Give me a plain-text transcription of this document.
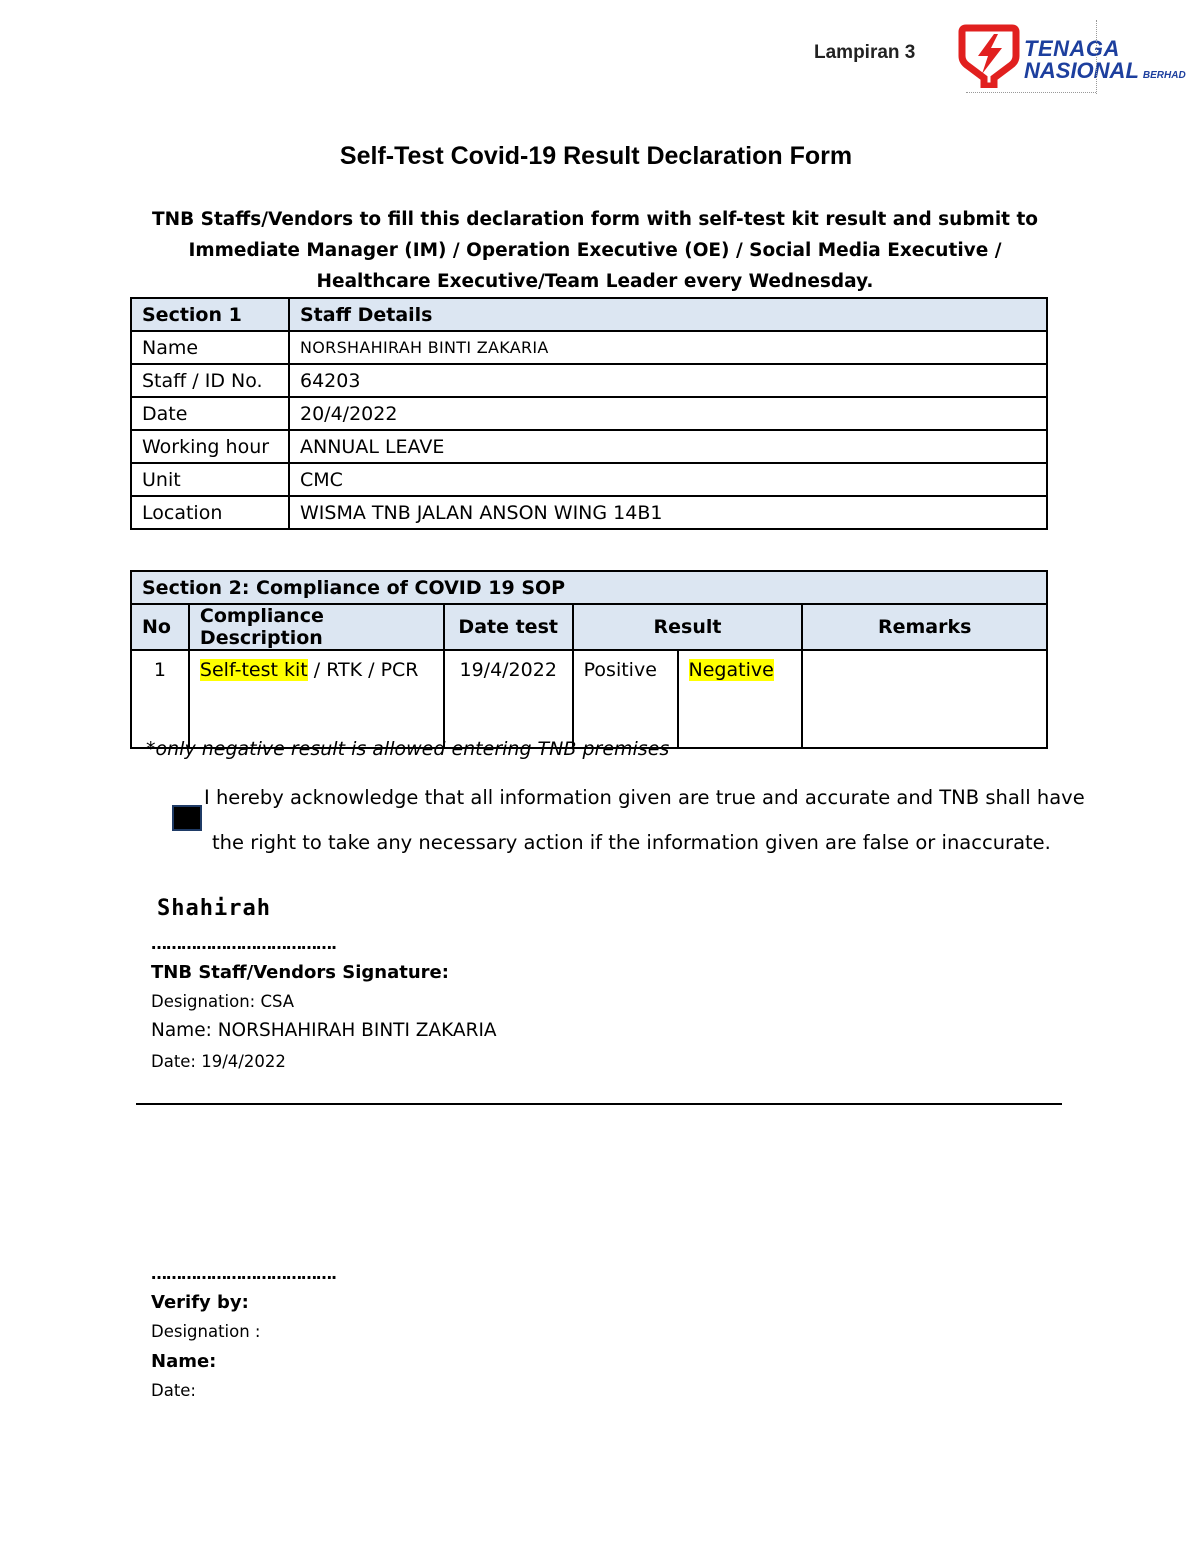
Lampiran 3	TENAGA
NASIONAL BERHAD
Self-Test Covid-19 Result Declaration Form
TNB Staffs/Vendors to fill this declaration form with self-test kit result and submit to Immediate Manager (IM) / Operation Executive (OE) / Social Media Executive / Healthcare Executive/Team Leader every Wednesday.
Section 1	Staff Details
Name	NORSHAHIRAH BINTI ZAKARIA
Staff / ID No.	64203
Date	20/4/2022
Working hour	ANNUAL LEAVE
Unit	CMC
Location	WISMA TNB JALAN ANSON WING 14B1
Section 2: Compliance of COVID 19 SOP					
No	Compliance Description	Date test	Result		Remarks
1	Self-test kit / RTK / PCR	19/4/2022	Positive	Negative	
*only negative result is allowed entering TNB premises
I hereby acknowledge that all information given are true and accurate and TNB shall have
the right to take any necessary action if the information given are false or inaccurate.
Shahirah
……………………………….
TNB Staff/Vendors Signature:
Designation: CSA
Name: NORSHAHIRAH BINTI ZAKARIA
Date: 19/4/2022
……………………………….
Verify by:
Designation :
Name:
Date:
